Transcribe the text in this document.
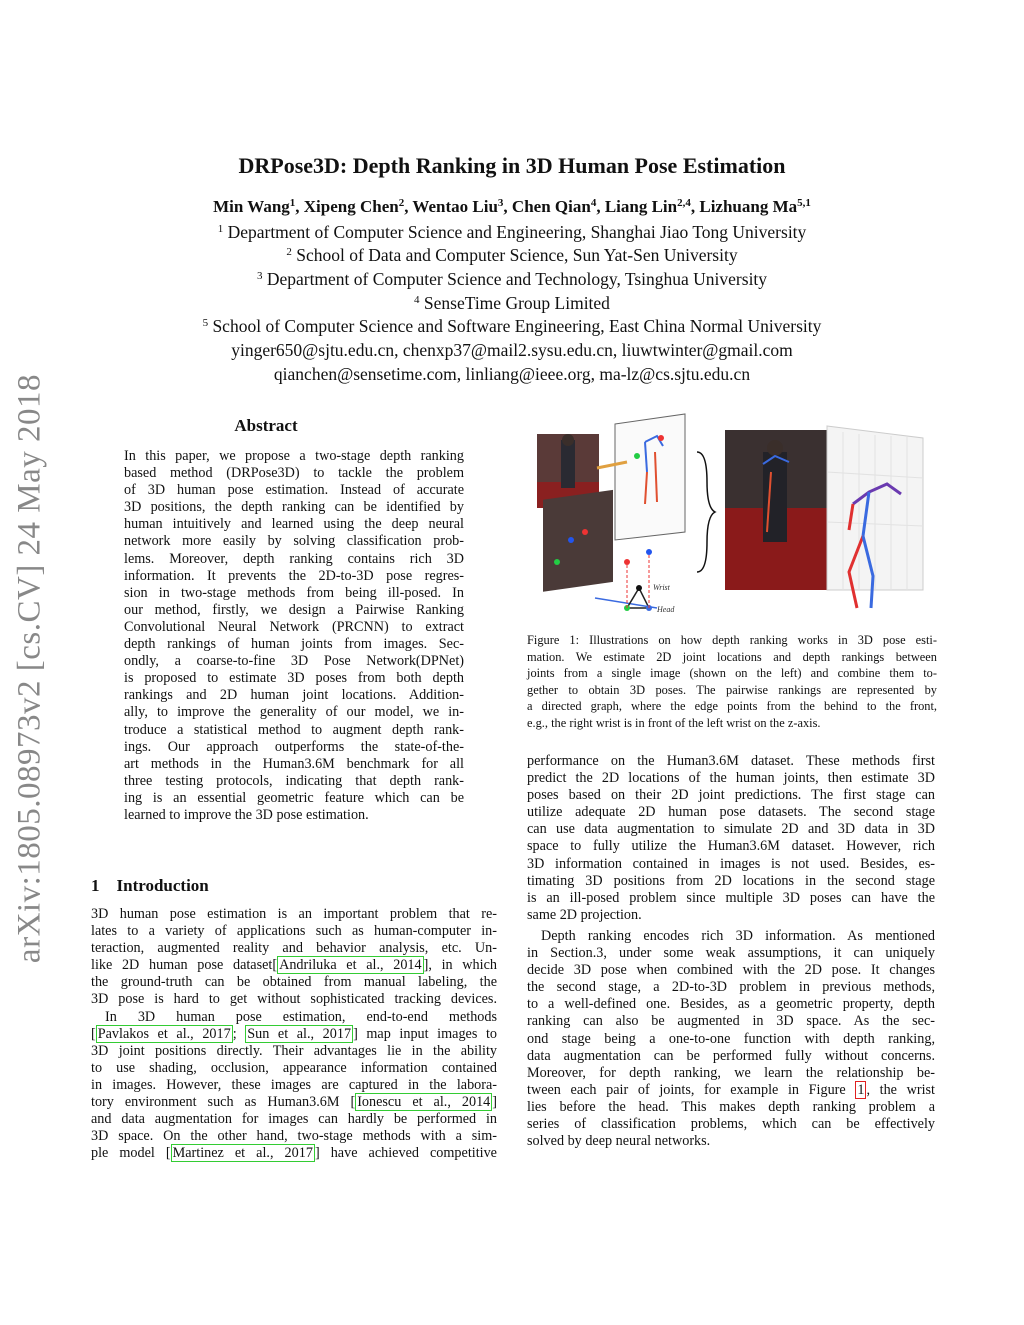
arXiv:1805.08973v2 [cs.CV] 24 May 2018
DRPose3D: Depth Ranking in 3D Human Pose Estimation
Min Wang$^1$, Xipeng Chen$^2$, Wentao Liu$^3$, Chen Qian$^4$, Liang Lin$^{2,4}$, Lizhuang Ma$^{5,1}$
$^1$ Department of Computer Science and Engineering, Shanghai Jiao Tong University
$^2$ School of Data and Computer Science, Sun Yat-Sen University
$^3$ Department of Computer Science and Technology, Tsinghua University
$^4$ SenseTime Group Limited
$^5$ School of Computer Science and Software Engineering, East China Normal University
yinger650@sjtu.edu.cn, chenxp37@mail2.sysu.edu.cn, liuwtwinter@gmail.com
qianchen@sensetime.com, linliang@ieee.org, ma-lz@cs.sjtu.edu.cn
Abstract
In this paper, we propose a two-stage depth ranking
based method (DRPose3D) to tackle the problem
of 3D human pose estimation. Instead of accurate
3D positions, the depth ranking can be identified by
human intuitively and learned using the deep neural
network more easily by solving classification prob-
lems. Moreover, depth ranking contains rich 3D
information. It prevents the 2D-to-3D pose regres-
sion in two-stage methods from being ill-posed. In
our method, firstly, we design a Pairwise Ranking
Convolutional Neural Network (PRCNN) to extract
depth rankings of human joints from images. Sec-
ondly, a coarse-to-fine 3D Pose Network(DPNet)
is proposed to estimate 3D poses from both depth
rankings and 2D human joint locations. Addition-
ally, to improve the generality of our model, we in-
troduce a statistical method to augment depth rank-
ings. Our approach outperforms the state-of-the-
art methods in the Human3.6M benchmark for all
three testing protocols, indicating that depth rank-
ing is an essential geometric feature which can be
learned to improve the 3D pose estimation.
1 Introduction
3D human pose estimation is an important problem that re-
lates to a variety of applications such as human-computer in-
teraction, augmented reality and behavior analysis, etc. Un-
like 2D human pose dataset[ Andriluka et al., 2014 ], in which
the ground-truth can be obtained from manual labeling, the
3D pose is hard to get without sophisticated tracking devices.
In 3D human pose estimation, end-to-end methods
[ Pavlakos et al., 2017 ; Sun et al., 2017 ] map input images to
3D joint positions directly. Their advantages lie in the ability
to use shading, occlusion, appearance information contained
in images. However, these images are captured in the labora-
tory environment such as Human3.6M [ Ionescu et al., 2014 ]
and data augmentation for images can hardly be performed in
3D space. On the other hand, two-stage methods with a sim-
ple model [ Martinez et al., 2017 ] have achieved competitive
Wrist
Head
Figure 1: Illustrations on how depth ranking works in 3D pose esti-
mation. We estimate 2D joint locations and depth rankings between
joints from a single image (shown on the left) and combine them to-
gether to obtain 3D poses. The pairwise rankings are represented by
a directed graph, where the edge points from the behind to the front,
e.g., the right wrist is in front of the left wrist on the z-axis.
performance on the Human3.6M dataset. These methods first
predict the 2D locations of the human joints, then estimate 3D
poses based on their 2D joint predictions. The first stage can
utilize adequate 2D human pose datasets. The second stage
can use data augmentation to simulate 2D and 3D data in 3D
space to fully utilize the Human3.6M dataset. However, rich
3D information contained in images is not used. Besides, es-
timating 3D positions from 2D locations in the second stage
is an ill-posed problem since multiple 3D poses can have the
same 2D projection.
Depth ranking encodes rich 3D information. As mentioned
in Section.3, under some weak assumptions, it can uniquely
decide 3D pose when combined with the 2D pose. It changes
the second stage, a 2D-to-3D problem in previous methods,
to a well-defined one. Besides, as a geometric property, depth
ranking can also be augmented in 3D space. As the sec-
ond stage being a one-to-one function with depth ranking,
data augmentation can be performed fully without concerns.
Moreover, for depth ranking, we learn the relationship be-
tween each pair of joints, for example in Figure 1 , the wrist
lies before the head. This makes depth ranking problem a
series of classification problems, which can be effectively
solved by deep neural networks.
